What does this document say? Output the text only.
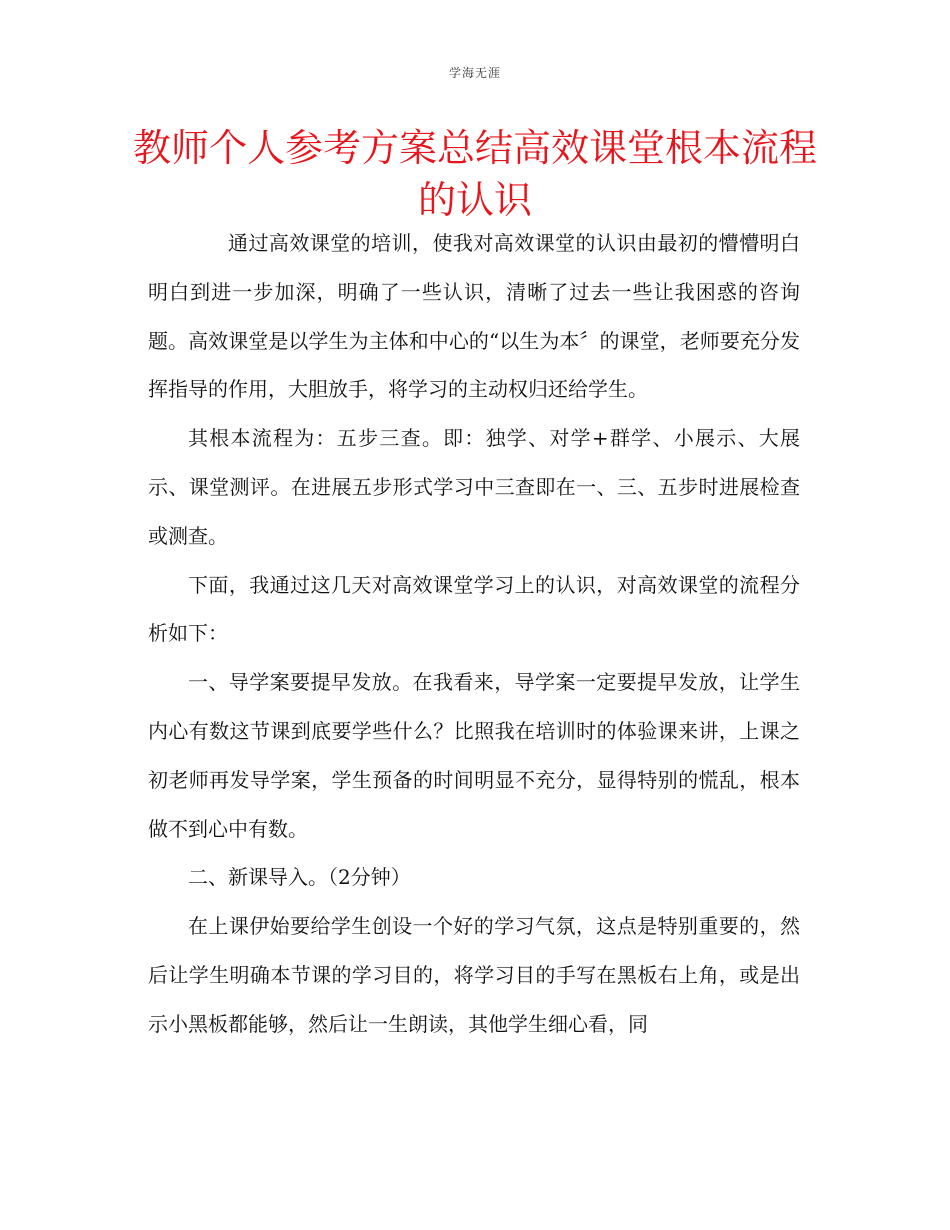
学海无涯
教师个人参考方案总结高效课堂根本流程的认识

通过高效课堂的培训，使我对高效课堂的认识由最初的懵懵明白明白到进一步加深，明确了一些认识，清晰了过去一些让我困惑的咨询题。高效课堂是以学生为主体和中心的“以生为本〞的课堂，老师要充分发挥指导的作用，大胆放手，将学习的主动权归还给学生。

其根本流程为：五步三查。即：独学、对学+群学、小展示、大展示、课堂测评。在进展五步形式学习中三查即在一、三、五步时进展检查或测查。

下面，我通过这几天对高效课堂学习上的认识，对高效课堂的流程分析如下：

一、导学案要提早发放。在我看来，导学案一定要提早发放，让学生内心有数这节课到底要学些什么？比照我在培训时的体验课来讲，上课之初老师再发导学案，学生预备的时间明显不充分，显得特别的慌乱，根本做不到心中有数。

二、新课导入。（2分钟）

在上课伊始要给学生创设一个好的学习气氛，这点是特别重要的，然后让学生明确本节课的学习目的，将学习目的手写在黑板右上角，或是出示小黑板都能够，然后让一生朗读，其他学生细心看，同
